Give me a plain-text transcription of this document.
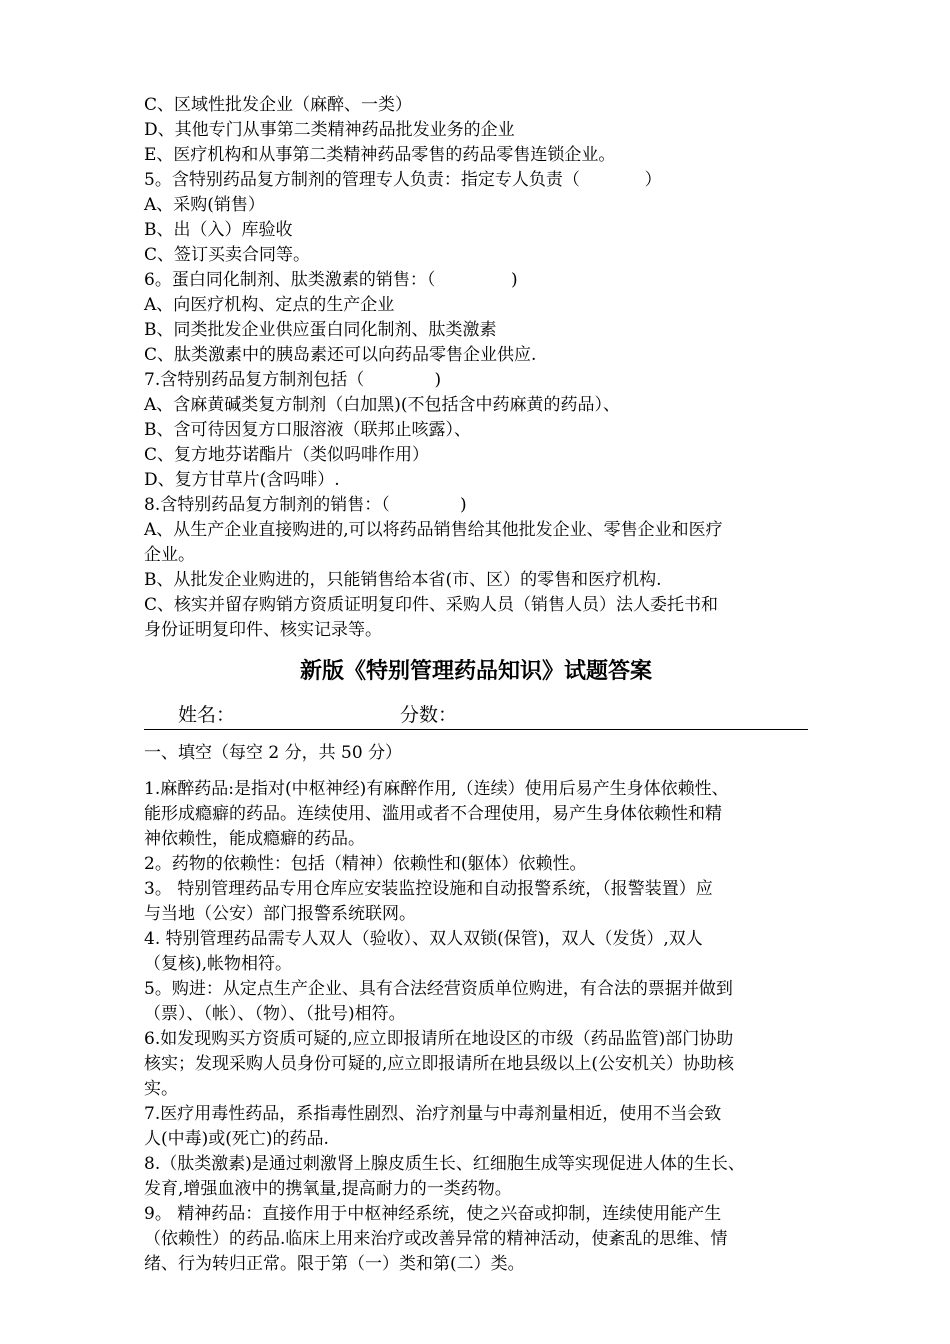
C、区域性批发企业（麻醉、一类）

D、其他专门从事第二类精神药品批发业务的企业

E、医疗机构和从事第二类精神药品零售的药品零售连锁企业。

5。含特别药品复方制剂的管理专人负责：指定专人负责（            ）

A、采购(销售）

B、出（入）库验收

C、签订买卖合同等。

6。蛋白同化制剂、肽类激素的销售：（              )

A、向医疗机构、定点的生产企业

B、同类批发企业供应蛋白同化制剂、肽类激素

C、肽类激素中的胰岛素还可以向药品零售企业供应.

7.含特别药品复方制剂包括（             )

A、含麻黄碱类复方制剂（白加黑)(不包括含中药麻黄的药品）、

B、含可待因复方口服溶液（联邦止咳露）、

C、复方地芬诺酯片（类似吗啡作用）

D、复方甘草片(含吗啡）.

8.含特别药品复方制剂的销售：（             )

A、从生产企业直接购进的,可以将药品销售给其他批发企业、零售企业和医疗

企业。

B、从批发企业购进的，只能销售给本省(市、区）的零售和医疗机构.

C、核实并留存购销方资质证明复印件、采购人员（销售人员）法人委托书和

身份证明复印件、核实记录等。

新版《特别管理药品知识》试题答案
姓名：	分数：

一、填空（每空 2 分，共 50 分）

1.麻醉药品:是指对(中枢神经)有麻醉作用,（连续）使用后易产生身体依赖性、

能形成瘾癖的药品。连续使用、滥用或者不合理使用，易产生身体依赖性和精

神依赖性，能成瘾癖的药品。

2。药物的依赖性：包括（精神）依赖性和(躯体）依赖性。

3。 特别管理药品专用仓库应安装监控设施和自动报警系统，（报警装置）应

与当地（公安）部门报警系统联网。

4. 特别管理药品需专人双人（验收）、双人双锁(保管)，双人（发货）,双人

（复核),帐物相符。

5。购进：从定点生产企业、具有合法经营资质单位购进，有合法的票据并做到

（票）、（帐）、（物）、（批号)相符。

6.如发现购买方资质可疑的,应立即报请所在地设区的市级（药品监管)部门协助

核实；发现采购人员身份可疑的,应立即报请所在地县级以上(公安机关）协助核

实。

7.医疗用毒性药品，系指毒性剧烈、治疗剂量与中毒剂量相近，使用不当会致

人(中毒)或(死亡)的药品.

8.（肽类激素)是通过刺激肾上腺皮质生长、红细胞生成等实现促进人体的生长、

发育,增强血液中的携氧量,提高耐力的一类药物。

9。 精神药品：直接作用于中枢神经系统，使之兴奋或抑制，连续使用能产生

（依赖性）的药品.临床上用来治疗或改善异常的精神活动，使紊乱的思维、情

绪、行为转归正常。限于第（一）类和第(二）类。
